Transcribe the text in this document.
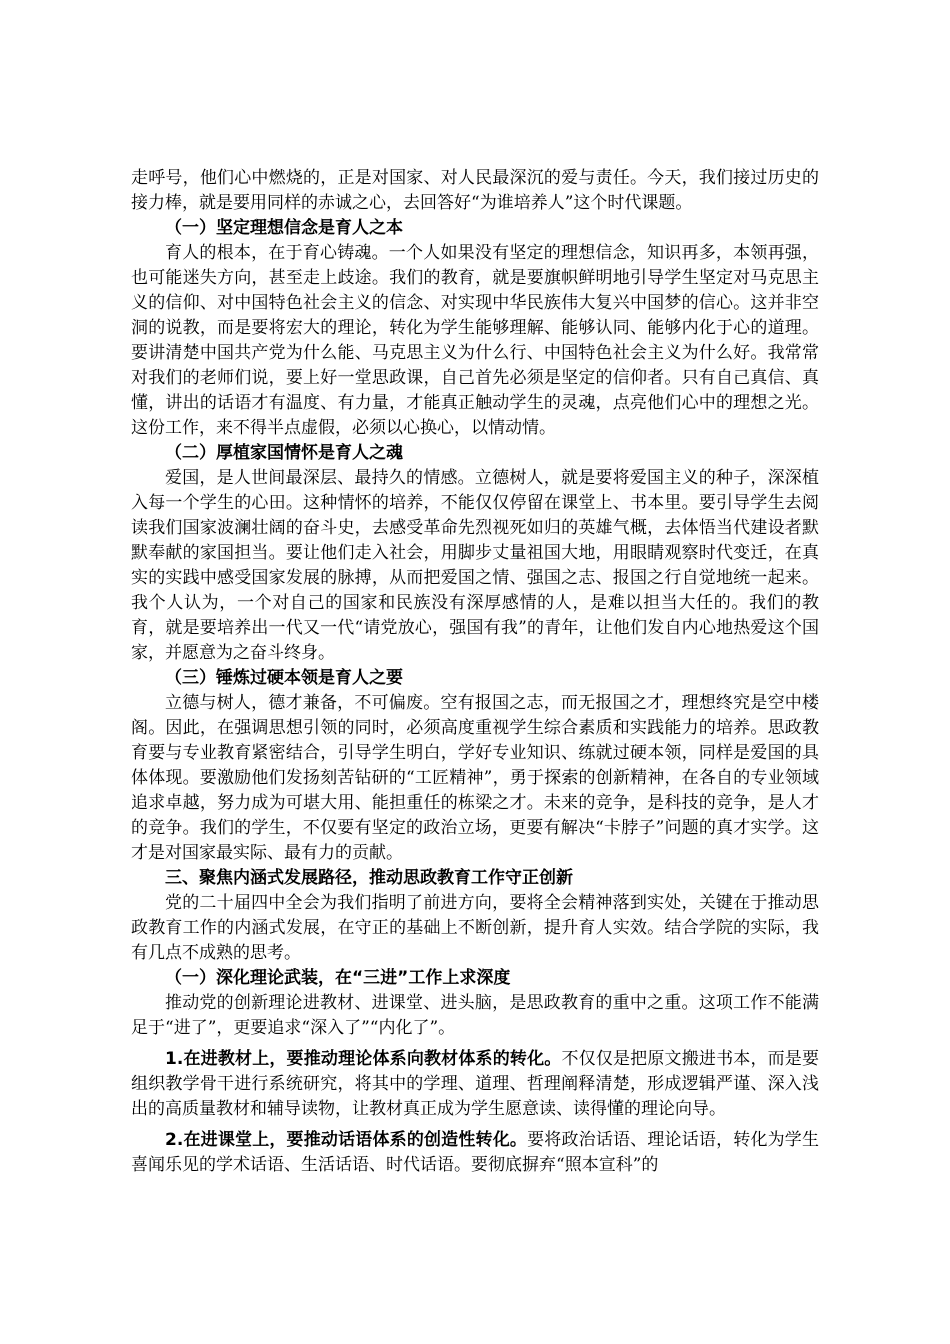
走呼号，他们心中燃烧的，正是对国家、对人民最深沉的爱与责任。今天，我们接过历史的接力棒，就是要用同样的赤诚之心，去回答好“为谁培养人”这个时代课题。

（一）坚定理想信念是育人之本

育人的根本，在于育心铸魂。一个人如果没有坚定的理想信念，知识再多，本领再强，也可能迷失方向，甚至走上歧途。我们的教育，就是要旗帜鲜明地引导学生坚定对马克思主义的信仰、对中国特色社会主义的信念、对实现中华民族伟大复兴中国梦的信心。这并非空洞的说教，而是要将宏大的理论，转化为学生能够理解、能够认同、能够内化于心的道理。要讲清楚中国共产党为什么能、马克思主义为什么行、中国特色社会主义为什么好。我常常对我们的老师们说，要上好一堂思政课，自己首先必须是坚定的信仰者。只有自己真信、真懂，讲出的话语才有温度、有力量，才能真正触动学生的灵魂，点亮他们心中的理想之光。这份工作，来不得半点虚假，必须以心换心，以情动情。

（二）厚植家国情怀是育人之魂

爱国，是人世间最深层、最持久的情感。立德树人，就是要将爱国主义的种子，深深植入每一个学生的心田。这种情怀的培养，不能仅仅停留在课堂上、书本里。要引导学生去阅读我们国家波澜壮阔的奋斗史，去感受革命先烈视死如归的英雄气概，去体悟当代建设者默默奉献的家国担当。要让他们走入社会，用脚步丈量祖国大地，用眼睛观察时代变迁，在真实的实践中感受国家发展的脉搏，从而把爱国之情、强国之志、报国之行自觉地统一起来。我个人认为，一个对自己的国家和民族没有深厚感情的人，是难以担当大任的。我们的教育，就是要培养出一代又一代“请党放心，强国有我”的青年，让他们发自内心地热爱这个国家，并愿意为之奋斗终身。

（三）锤炼过硬本领是育人之要

立德与树人，德才兼备，不可偏废。空有报国之志，而无报国之才，理想终究是空中楼阁。因此，在强调思想引领的同时，必须高度重视学生综合素质和实践能力的培养。思政教育要与专业教育紧密结合，引导学生明白，学好专业知识、练就过硬本领，同样是爱国的具体体现。要激励他们发扬刻苦钻研的“工匠精神”，勇于探索的创新精神，在各自的专业领域追求卓越，努力成为可堪大用、能担重任的栋梁之才。未来的竞争，是科技的竞争，是人才的竞争。我们的学生，不仅要有坚定的政治立场，更要有解决“卡脖子”问题的真才实学。这才是对国家最实际、最有力的贡献。

三、聚焦内涵式发展路径，推动思政教育工作守正创新

党的二十届四中全会为我们指明了前进方向，要将全会精神落到实处，关键在于推动思政教育工作的内涵式发展，在守正的基础上不断创新，提升育人实效。结合学院的实际，我有几点不成熟的思考。

（一）深化理论武装，在“三进”工作上求深度

推动党的创新理论进教材、进课堂、进头脑，是思政教育的重中之重。这项工作不能满足于“进了”，更要追求“深入了”“内化了”。

1.在进教材上，要推动理论体系向教材体系的转化。不仅仅是把原文搬进书本，而是要组织教学骨干进行系统研究，将其中的学理、道理、哲理阐释清楚，形成逻辑严谨、深入浅出的高质量教材和辅导读物，让教材真正成为学生愿意读、读得懂的理论向导。

2.在进课堂上，要推动话语体系的创造性转化。要将政治话语、理论话语，转化为学生喜闻乐见的学术话语、生活话语、时代话语。要彻底摒弃“照本宣科”的
